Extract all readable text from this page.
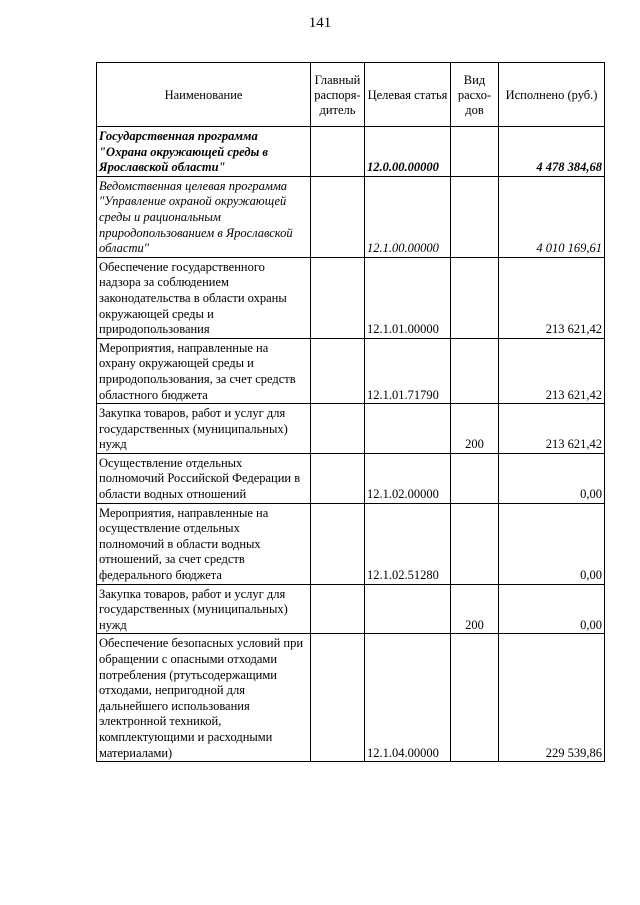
141
Наименование	Главный распоря-дитель	Целевая статья	Вид расхо-дов	Исполнено (руб.)
Государственная программа "Охрана окружающей среды в Ярославской области"		12.0.00.00000		4 478 384,68
Ведомственная целевая программа "Управление охраной окружающей среды и рациональным природопользованием в Ярославской области"		12.1.00.00000		4 010 169,61
Обеспечение государственного надзора за соблюдением законодательства в области охраны окружающей среды и природопользования		12.1.01.00000		213 621,42
Мероприятия, направленные на охрану окружающей среды и природопользования, за счет средств областного бюджета		12.1.01.71790		213 621,42
Закупка товаров, работ и услуг для государственных (муниципальных) нужд			200	213 621,42
Осуществление отдельных полномочий Российской Федерации в области водных отношений		12.1.02.00000		0,00
Мероприятия, направленные на осуществление отдельных полномочий в области водных отношений, за счет средств федерального бюджета		12.1.02.51280		0,00
Закупка товаров, работ и услуг для государственных (муниципальных) нужд			200	0,00
Обеспечение безопасных условий при обращении с опасными отходами потребления (ртутьсодержащими отходами, непригодной для дальнейшего использования электронной техникой, комплектующими и расходными материалами)		12.1.04.00000		229 539,86
